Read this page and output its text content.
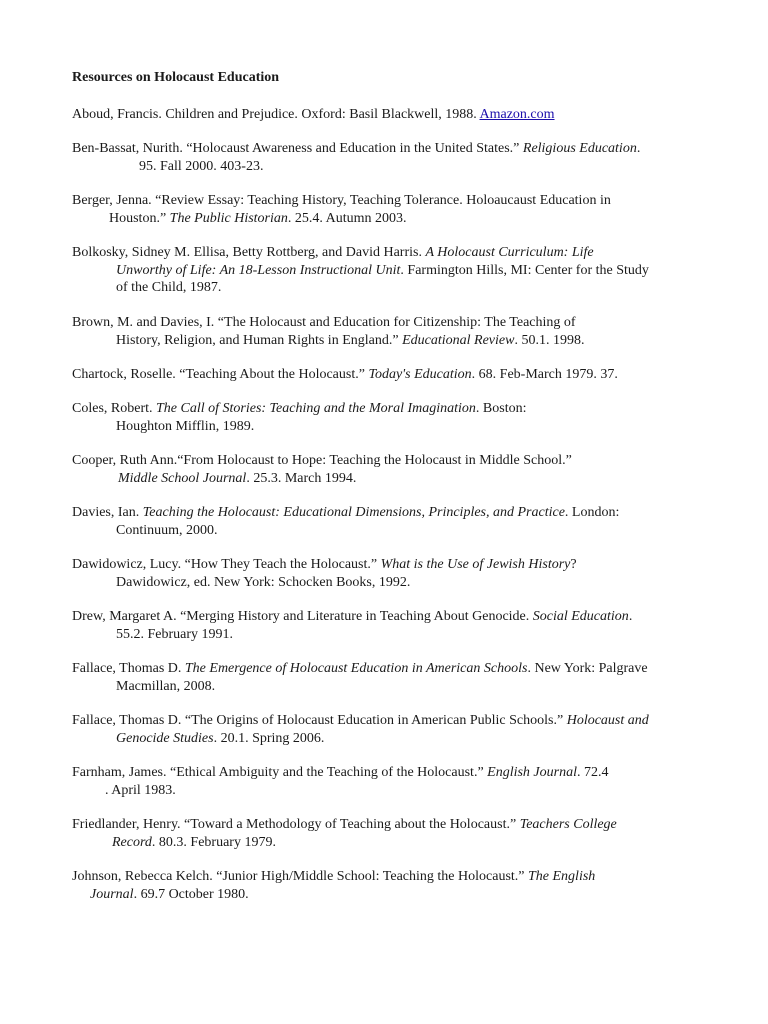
Resources on Holocaust Education
Aboud, Francis. Children and Prejudice. Oxford: Basil Blackwell, 1988. Amazon.com
Ben-Bassat, Nurith. “Holocaust Awareness and Education in the United States.” Religious Education.
95. Fall 2000. 403-23.
Berger, Jenna. “Review Essay: Teaching History, Teaching Tolerance. Holoaucaust Education in
Houston.” The Public Historian. 25.4. Autumn 2003.
Bolkosky, Sidney M. Ellisa, Betty Rottberg, and David Harris. A Holocaust Curriculum: Life
Unworthy of Life: An 18-Lesson Instructional Unit. Farmington Hills, MI: Center for the Study
of the Child, 1987.
Brown, M. and Davies, I. “The Holocaust and Education for Citizenship: The Teaching of
History, Religion, and Human Rights in England.” Educational Review. 50.1. 1998.
Chartock, Roselle. “Teaching About the Holocaust.” Today's Education. 68. Feb-March 1979. 37.
Coles, Robert. The Call of Stories: Teaching and the Moral Imagination. Boston:
Houghton Mifflin, 1989.
Cooper, Ruth Ann.“From Holocaust to Hope: Teaching the Holocaust in Middle School.”
Middle School Journal. 25.3. March 1994.
Davies, Ian. Teaching the Holocaust: Educational Dimensions, Principles, and Practice. London:
Continuum, 2000.
Dawidowicz, Lucy. “How They Teach the Holocaust.” What is the Use of Jewish History?
Dawidowicz, ed. New York: Schocken Books, 1992.
Drew, Margaret A. “Merging History and Literature in Teaching About Genocide. Social Education.
55.2. February 1991.
Fallace, Thomas D. The Emergence of Holocaust Education in American Schools. New York: Palgrave
Macmillan, 2008.
Fallace, Thomas D. “The Origins of Holocaust Education in American Public Schools.” Holocaust and
Genocide Studies. 20.1. Spring 2006.
Farnham, James. “Ethical Ambiguity and the Teaching of the Holocaust.” English Journal. 72.4
. April 1983.
Friedlander, Henry. “Toward a Methodology of Teaching about the Holocaust.” Teachers College
Record. 80.3. February 1979.
Johnson, Rebecca Kelch. “Junior High/Middle School: Teaching the Holocaust.” The English
Journal. 69.7 October 1980.
